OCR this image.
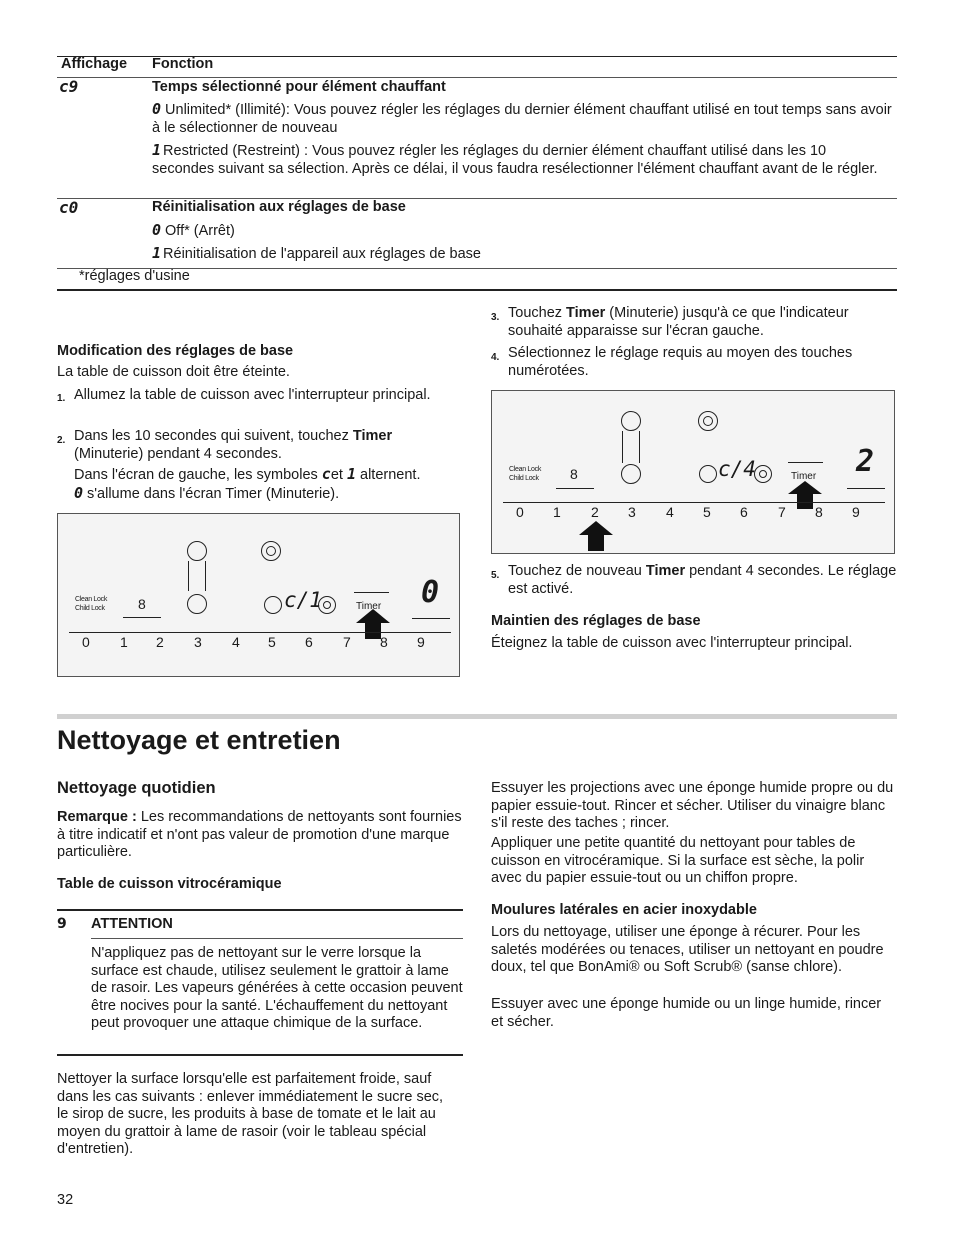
Affichage Fonction
c9	Temps sélectionné pour élément chauffant
0 Unlimited* (Illimité): Vous pouvez régler les réglages du dernier élément chauffant utilisé en tout temps sans avoir à le sélectionner de nouveau
1 Restricted (Restreint) : Vous pouvez régler les réglages du dernier élément chauffant utilisé dans les 10 secondes suivant sa sélection. Après ce délai, il vous faudra resélectionner l'élément chauffant avant de le régler.
c0	Réinitialisation aux réglages de base
0 Off* (Arrêt)
1 Réinitialisation de l'appareil aux réglages de base
*réglages d'usine
Modification des réglages de base
La table de cuisson doit être éteinte.
1. Allumez la table de cuisson avec l'interrupteur principal.
2. Dans les 10 secondes qui suivent, touchez Timer (Minuterie) pendant 4 secondes.
Dans l'écran de gauche, les symboles cet 1 alternent.
0 s'allume dans l'écran Timer (Minuterie).
Clean Lock
Child Lock 8	c/1	Timer 0
0 1 2 3 4 5 6 7 8 9
3. Touchez Timer (Minuterie) jusqu'à ce que l'indicateur souhaité apparaisse sur l'écran gauche.
4. Sélectionnez le réglage requis au moyen des touches numérotées.
Clean Lock
Child Lock 8	c/4	Timer 2
0 1 2 3 4 5 6 7 8 9
5. Touchez de nouveau Timer pendant 4 secondes. Le réglage est activé.
Maintien des réglages de base
Éteignez la table de cuisson avec l'interrupteur principal.
Nettoyage et entretien
Nettoyage quotidien
Remarque : Les recommandations de nettoyants sont fournies à titre indicatif et n'ont pas valeur de promotion d'une marque particulière.
Table de cuisson vitrocéramique
9 ATTENTION
N'appliquez pas de nettoyant sur le verre lorsque la surface est chaude, utilisez seulement le grattoir à lame de rasoir. Les vapeurs générées à cette occasion peuvent être nocives pour la santé. L'échauffement du nettoyant peut provoquer une attaque chimique de la surface.
Nettoyer la surface lorsqu'elle est parfaitement froide, sauf dans les cas suivants : enlever immédiatement le sucre sec, le sirop de sucre, les produits à base de tomate et le lait au moyen du grattoir à lame de rasoir (voir le tableau spécial d'entretien).
Essuyer les projections avec une éponge humide propre ou du papier essuie-tout. Rincer et sécher. Utiliser du vinaigre blanc s'il reste des taches ; rincer.
Appliquer une petite quantité du nettoyant pour tables de cuisson en vitrocéramique. Si la surface est sèche, la polir avec du papier essuie-tout ou un chiffon propre.
Moulures latérales en acier inoxydable
Lors du nettoyage, utiliser une éponge à récurer. Pour les saletés modérées ou tenaces, utiliser un nettoyant en poudre doux, tel que BonAmi® ou Soft Scrub® (sanse chlore).
Essuyer avec une éponge humide ou un linge humide, rincer et sécher.
32
